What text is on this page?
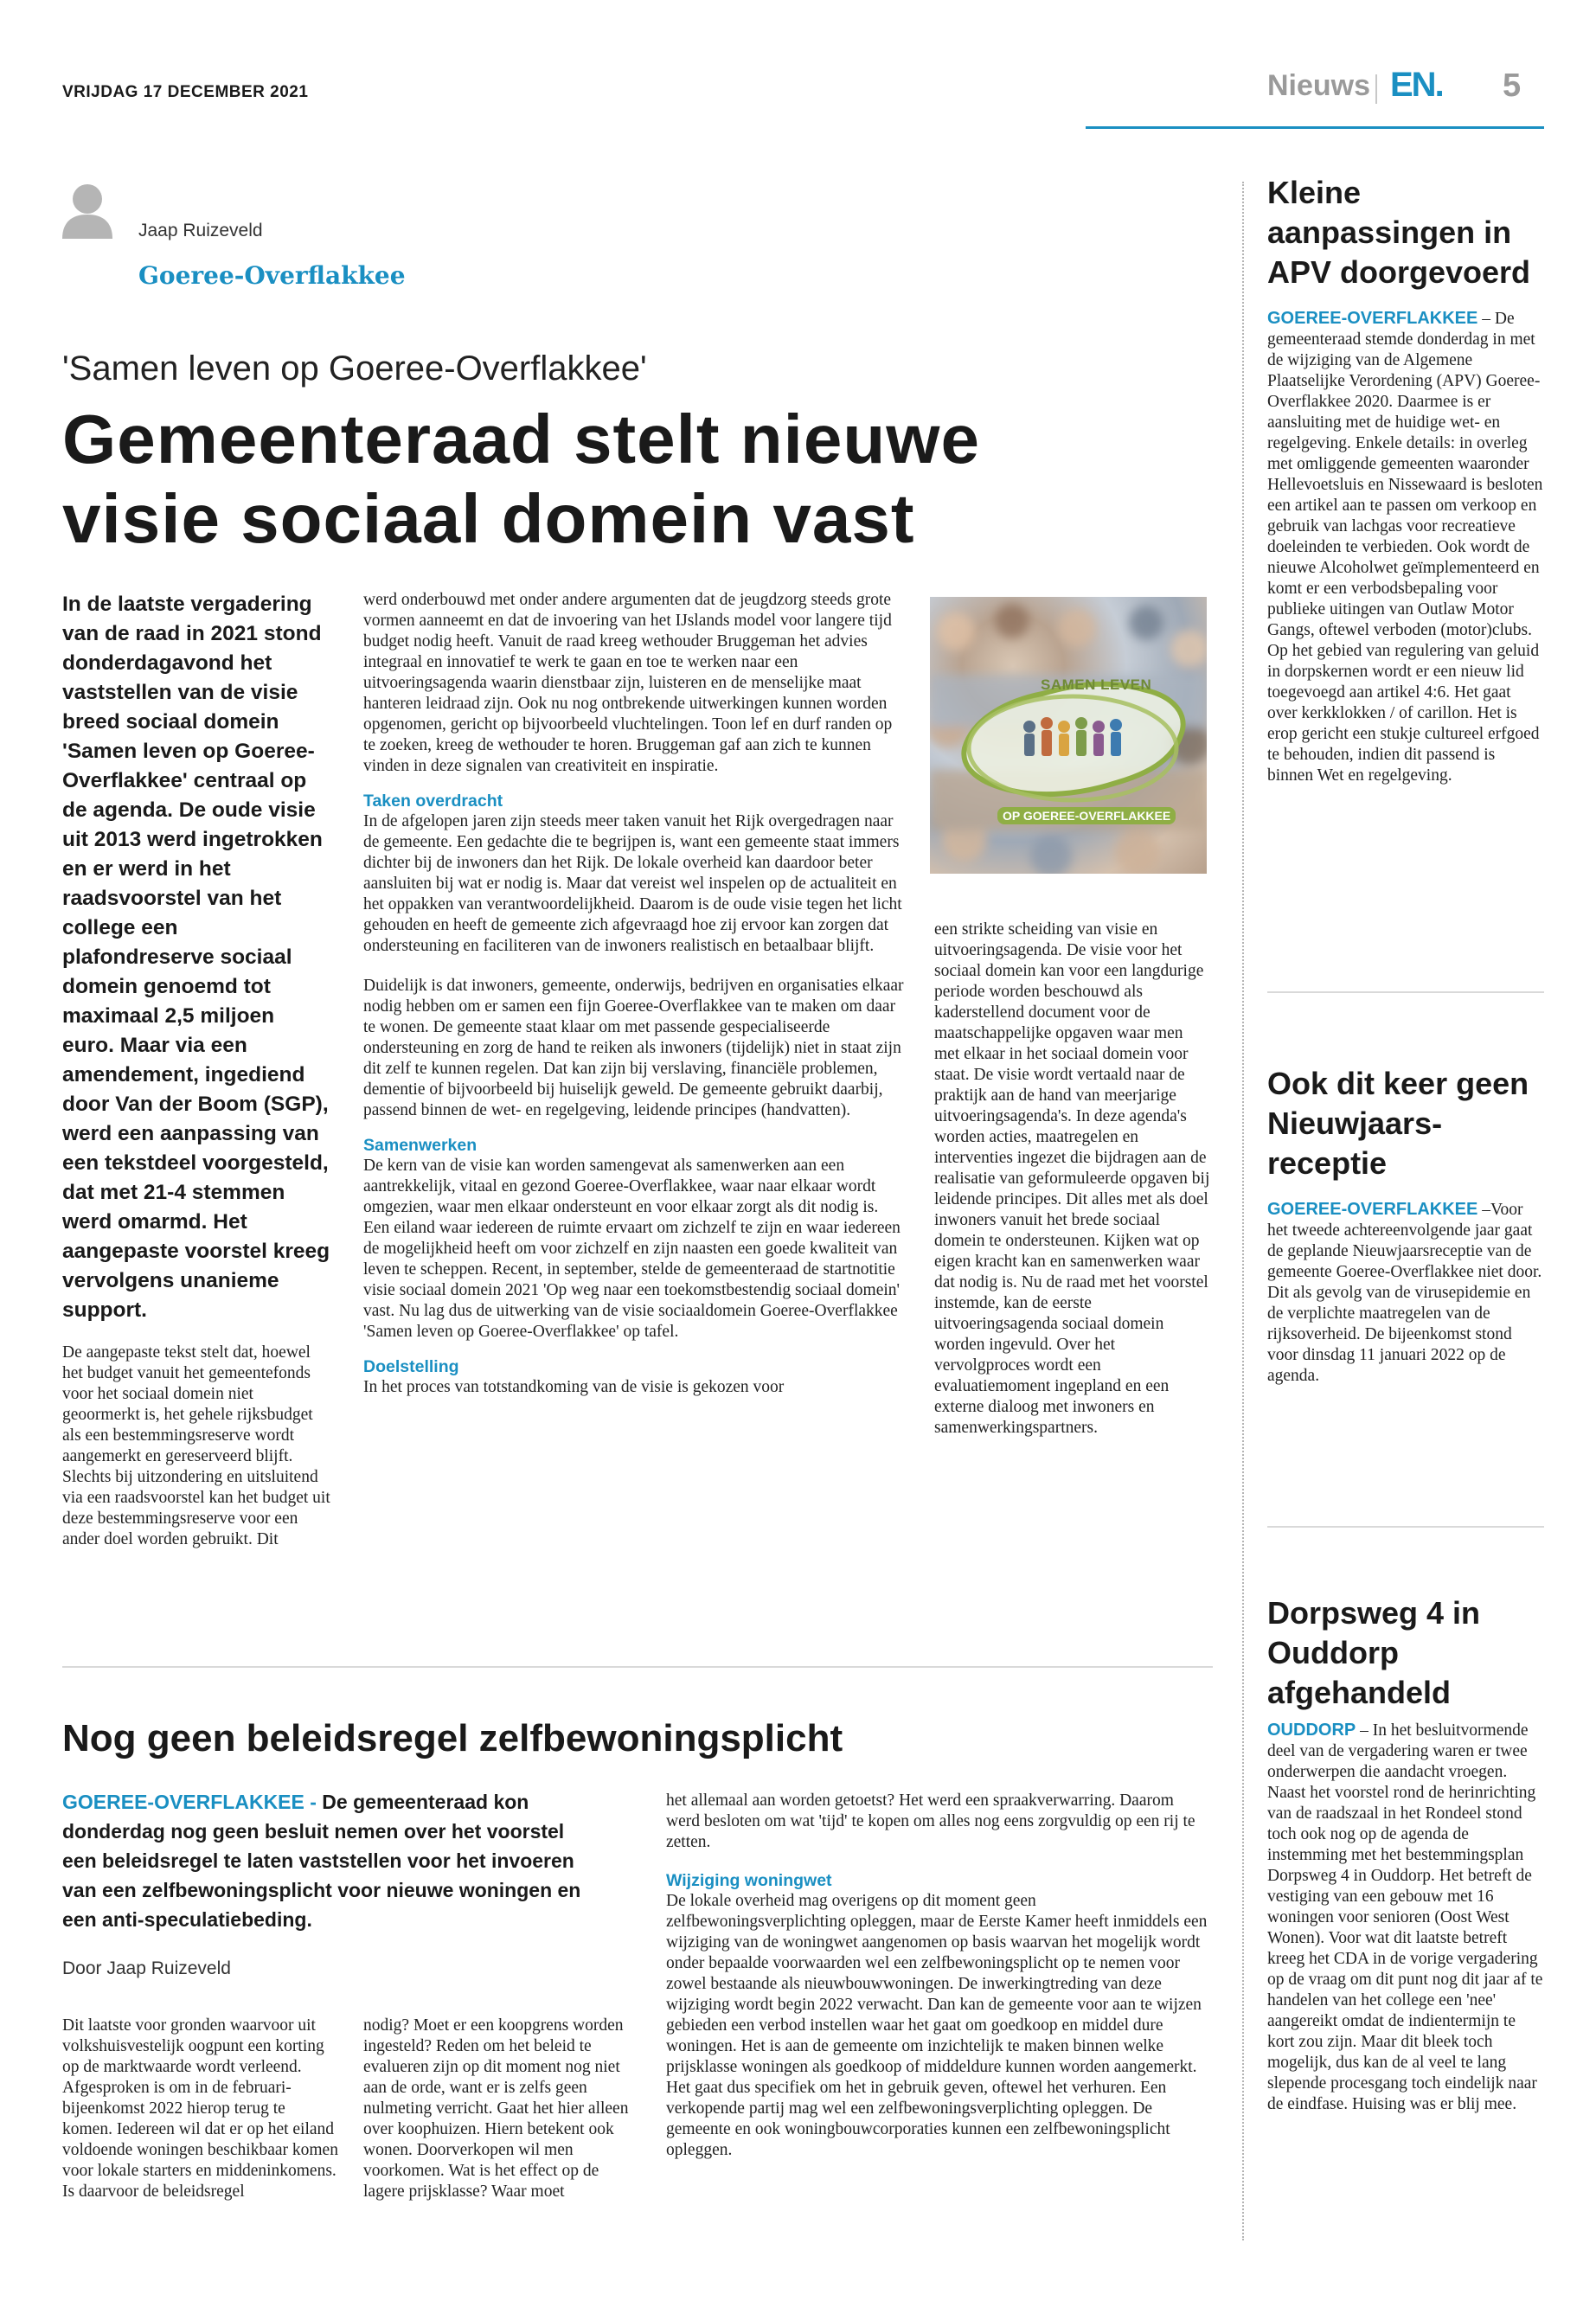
VRIJDAG 17 DECEMBER 2021	Nieuws EN. 5
Jaap Ruizeveld
Goeree-Overflakkee
'Samen leven op Goeree-Overflakkee'
Gemeenteraad stelt nieuwe
visie sociaal domein vast
In de laatste vergadering van de raad in 2021 stond donderdagavond het vaststellen van de visie breed sociaal domein 'Samen leven op Goeree-Overflakkee' centraal op de agenda. De oude visie uit 2013 werd ingetrokken en er werd in het raadsvoorstel van het college een plafondreserve sociaal domein genoemd tot maximaal 2,5 miljoen euro. Maar via een amendement, ingediend door Van der Boom (SGP), werd een aanpassing van een tekstdeel voorgesteld, dat met 21-4 stemmen werd omarmd. Het aangepaste voorstel kreeg vervolgens unanieme support.
De aangepaste tekst stelt dat, hoewel het budget vanuit het gemeentefonds voor het sociaal domein niet geoormerkt is, het gehele rijksbudget als een bestemmingsreserve wordt aangemerkt en gereserveerd blijft. Slechts bij uitzondering en uitsluitend via een raadsvoorstel kan het budget uit deze bestemmingsreserve voor een ander doel worden gebruikt. Dit
werd onderbouwd met onder andere argumenten dat de jeugdzorg steeds grote vormen aanneemt en dat de invoering van het IJslands model voor langere tijd budget nodig heeft. Vanuit de raad kreeg wethouder Bruggeman het advies integraal en innovatief te werk te gaan en toe te werken naar een uitvoeringsagenda waarin dienstbaar zijn, luisteren en de menselijke maat hanteren leidraad zijn. Ook nu nog ontbrekende uitwerkingen kunnen worden opgenomen, gericht op bijvoorbeeld vluchtelingen. Toon lef en durf randen op te zoeken, kreeg de wethouder te horen. Bruggeman gaf aan zich te kunnen vinden in deze signalen van creativiteit en inspiratie.
Taken overdracht
In de afgelopen jaren zijn steeds meer taken vanuit het Rijk overgedragen naar de gemeente. Een gedachte die te begrijpen is, want een gemeente staat immers dichter bij de inwoners dan het Rijk. De lokale overheid kan daardoor beter aansluiten bij wat er nodig is. Maar dat vereist wel inspelen op de actualiteit en het oppakken van verantwoordelijkheid. Daarom is de oude visie tegen het licht gehouden en heeft de gemeente zich afgevraagd hoe zij ervoor kan zorgen dat ondersteuning en faciliteren van de inwoners realistisch en betaalbaar blijft.
Duidelijk is dat inwoners, gemeente, onderwijs, bedrijven en organisaties elkaar nodig hebben om er samen een fijn Goeree-Overflakkee van te maken om daar te wonen. De gemeente staat klaar om met passende gespecialiseerde ondersteuning en zorg de hand te reiken als inwoners (tijdelijk) niet in staat zijn dit zelf te kunnen regelen. Dat kan zijn bij verslaving, financiële problemen, dementie of bijvoorbeeld bij huiselijk geweld. De gemeente gebruikt daarbij, passend binnen de wet- en regelgeving, leidende principes (handvatten).
Samenwerken
De kern van de visie kan worden samengevat als samenwerken aan een aantrekkelijk, vitaal en gezond Goeree-Overflakkee, waar naar elkaar wordt omgezien, waar men elkaar ondersteunt en voor elkaar zorgt als dit nodig is. Een eiland waar iedereen de ruimte ervaart om zichzelf te zijn en waar iedereen de mogelijkheid heeft om voor zichzelf en zijn naasten een goede kwaliteit van leven te scheppen. Recent, in september, stelde de gemeenteraad de startnotitie visie sociaal domein 2021 'Op weg naar een toekomstbestendig sociaal domein' vast. Nu lag dus de uitwerking van de visie sociaaldomein Goeree-Overflakkee 'Samen leven op Goeree-Overflakkee' op tafel.
Doelstelling
In het proces van totstandkoming van de visie is gekozen voor
SAMEN LEVEN
OP GOEREE-OVERFLAKKEE
een strikte scheiding van visie en uitvoeringsagenda. De visie voor het sociaal domein kan voor een langdurige periode worden beschouwd als kaderstellend document voor de maatschappelijke opgaven waar men met elkaar in het sociaal domein voor staat. De visie wordt vertaald naar de praktijk aan de hand van meerjarige uitvoeringsagenda's. In deze agenda's worden acties, maatregelen en interventies ingezet die bijdragen aan de realisatie van geformuleerde opgaven bij leidende principes. Dit alles met als doel inwoners vanuit het brede sociaal domein te ondersteunen. Kijken wat op eigen kracht kan en samenwerken waar dat nodig is. Nu de raad met het voorstel instemde, kan de eerste uitvoeringsagenda sociaal domein worden ingevuld. Over het vervolgproces wordt een evaluatiemoment ingepland en een externe dialoog met inwoners en samenwerkingspartners.
Nog geen beleidsregel zelfbewoningsplicht
GOEREE-OVERFLAKKEE - De gemeenteraad kon donderdag nog geen besluit nemen over het voorstel een beleidsregel te laten vaststellen voor het invoeren van een zelfbewoningsplicht voor nieuwe woningen en een anti-speculatiebeding.
Door Jaap Ruizeveld
Dit laatste voor gronden waarvoor uit volkshuisvestelijk oogpunt een korting op de marktwaarde wordt verleend. Afgesproken is om in de februari-bijeenkomst 2022 hierop terug te komen. Iedereen wil dat er op het eiland voldoende woningen beschikbaar komen voor lokale starters en middeninkomens. Is daarvoor de beleidsregel
nodig? Moet er een koopgrens worden ingesteld? Reden om het beleid te evalueren zijn op dit moment nog niet aan de orde, want er is zelfs geen nulmeting verricht. Gaat het hier alleen over koophuizen. Hiern betekent ook wonen. Doorverkopen wil men voorkomen. Wat is het effect op de lagere prijsklasse? Waar moet
het allemaal aan worden getoetst? Het werd een spraakverwarring. Daarom werd besloten om wat 'tijd' te kopen om alles nog eens zorgvuldig op een rij te zetten.
Wijziging woningwet
De lokale overheid mag overigens op dit moment geen zelfbewoningsverplichting opleggen, maar de Eerste Kamer heeft inmiddels een wijziging van de woningwet aangenomen op basis waarvan het mogelijk wordt onder bepaalde voorwaarden wel een zelfbewoningsplicht op te nemen voor zowel bestaande als nieuwbouwwoningen. De inwerkingtreding van deze wijziging wordt begin 2022 verwacht. Dan kan de gemeente voor aan te wijzen gebieden een verbod instellen waar het gaat om goedkoop en middel dure woningen. Het is aan de gemeente om inzichtelijk te maken binnen welke prijsklasse woningen als goedkoop of middeldure kunnen worden aangemerkt. Het gaat dus specifiek om het in gebruik geven, oftewel het verhuren. Een verkopende partij mag wel een zelfbewoningsverplichting opleggen. De gemeente en ook woningbouwcorporaties kunnen een zelfbewoningsplicht opleggen.
Kleine aanpassingen in APV doorgevoerd
GOEREE-OVERFLAKKEE – De gemeenteraad stemde donderdag in met de wijziging van de Algemene Plaatselijke Verordening (APV) Goeree-Overflakkee 2020. Daarmee is er aansluiting met de huidige wet- en regelgeving. Enkele details: in overleg met omliggende gemeenten waaronder Hellevoetsluis en Nissewaard is besloten een artikel aan te passen om verkoop en gebruik van lachgas voor recreatieve doeleinden te verbieden. Ook wordt de nieuwe Alcoholwet geïmplementeerd en komt er een verbodsbepaling voor publieke uitingen van Outlaw Motor Gangs, oftewel verboden (motor)clubs. Op het gebied van regulering van geluid in dorpskernen wordt er een nieuw lid toegevoegd aan artikel 4:6. Het gaat over kerkklokken / of carillon. Het is erop gericht een stukje cultureel erfgoed te behouden, indien dit passend is binnen Wet en regelgeving.
Ook dit keer geen Nieuwjaars-receptie
GOEREE-OVERFLAKKEE –Voor het tweede achtereenvolgende jaar gaat de geplande Nieuwjaarsreceptie van de gemeente Goeree-Overflakkee niet door. Dit als gevolg van de virusepidemie en de verplichte maatregelen van de rijksoverheid. De bijeenkomst stond voor dinsdag 11 januari 2022 op de agenda.
Dorpsweg 4 in Ouddorp afgehandeld
OUDDORP – In het besluitvormende deel van de vergadering waren er twee onderwerpen die aandacht vroegen. Naast het voorstel rond de herinrichting van de raadszaal in het Rondeel stond toch ook nog op de agenda de instemming met het bestemmingsplan Dorpsweg 4 in Ouddorp. Het betreft de vestiging van een gebouw met 16 woningen voor senioren (Oost West Wonen). Voor wat dit laatste betreft kreeg het CDA in de vorige vergadering op de vraag om dit punt nog dit jaar af te handelen van het college een 'nee' aangereikt omdat de indientermijn te kort zou zijn. Maar dit bleek toch mogelijk, dus kan de al veel te lang slepende procesgang toch eindelijk naar de eindfase. Huising was er blij mee.
